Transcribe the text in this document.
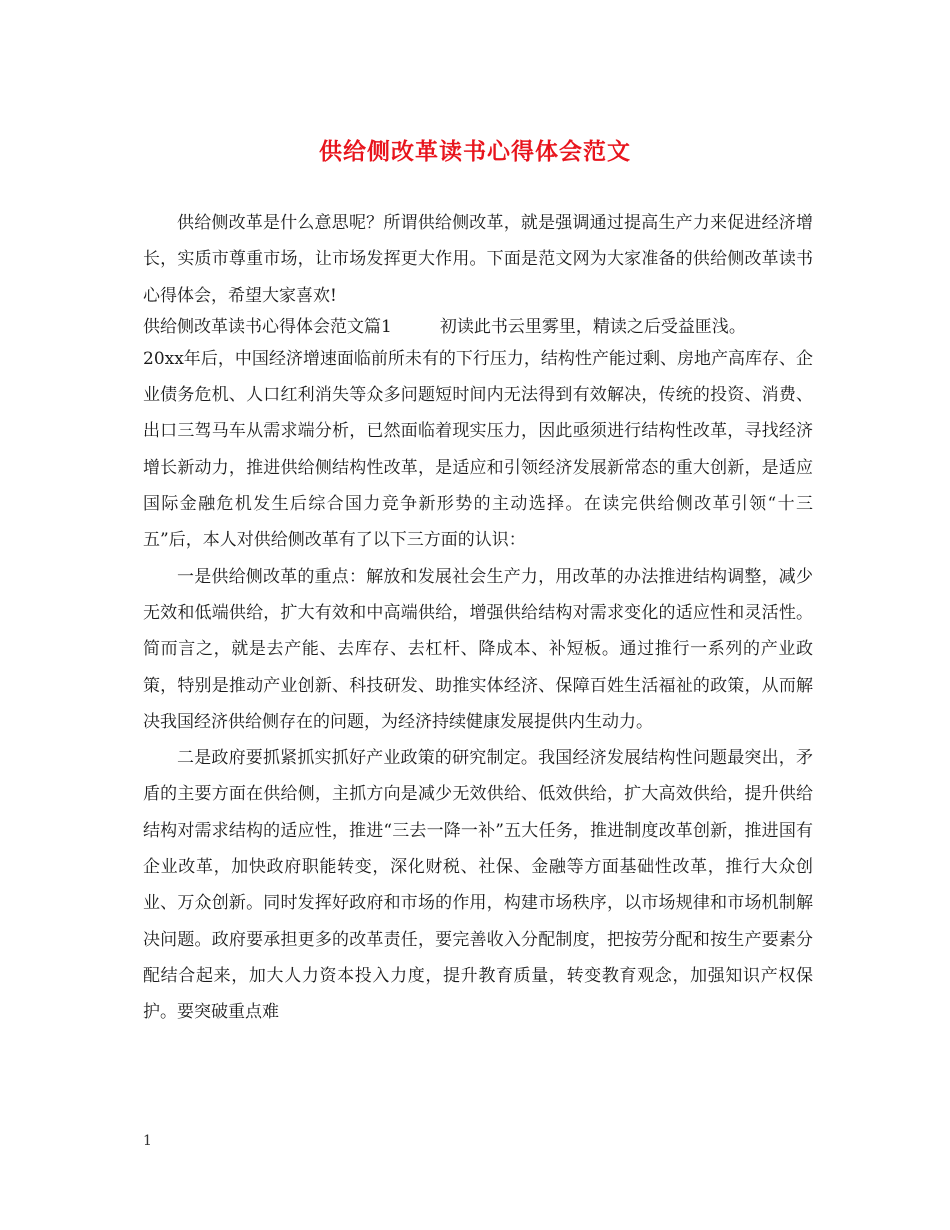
供给侧改革读书心得体会范文

供给侧改革是什么意思呢？所谓供给侧改革，就是强调通过提高生产力来促进经济增长，实质市尊重市场，让市场发挥更大作用。下面是范文网为大家准备的供给侧改革读书心得体会，希望大家喜欢!

供给侧改革读书心得体会范文篇1	初读此书云里雾里，精读之后受益匪浅。

20xx年后，中国经济增速面临前所未有的下行压力，结构性产能过剩、房地产高库存、企业债务危机、人口红利消失等众多问题短时间内无法得到有效解决，传统的投资、消费、出口三驾马车从需求端分析，已然面临着现实压力，因此亟须进行结构性改革，寻找经济增长新动力，推进供给侧结构性改革，是适应和引领经济发展新常态的重大创新，是适应国际金融危机发生后综合国力竞争新形势的主动选择。在读完供给侧改革引领“十三五”后，本人对供给侧改革有了以下三方面的认识：

一是供给侧改革的重点：解放和发展社会生产力，用改革的办法推进结构调整，减少无效和低端供给，扩大有效和中高端供给，增强供给结构对需求变化的适应性和灵活性。简而言之，就是去产能、去库存、去杠杆、降成本、补短板。通过推行一系列的产业政策，特别是推动产业创新、科技研发、助推实体经济、保障百姓生活福祉的政策，从而解决我国经济供给侧存在的问题，为经济持续健康发展提供内生动力。

二是政府要抓紧抓实抓好产业政策的研究制定。我国经济发展结构性问题最突出，矛盾的主要方面在供给侧，主抓方向是减少无效供给、低效供给，扩大高效供给，提升供给结构对需求结构的适应性，推进“三去一降一补”五大任务，推进制度改革创新，推进国有企业改革，加快政府职能转变，深化财税、社保、金融等方面基础性改革，推行大众创业、万众创新。同时发挥好政府和市场的作用，构建市场秩序，以市场规律和市场机制解决问题。政府要承担更多的改革责任，要完善收入分配制度，把按劳分配和按生产要素分配结合起来，加大人力资本投入力度，提升教育质量，转变教育观念，加强知识产权保护。要突破重点难

1
